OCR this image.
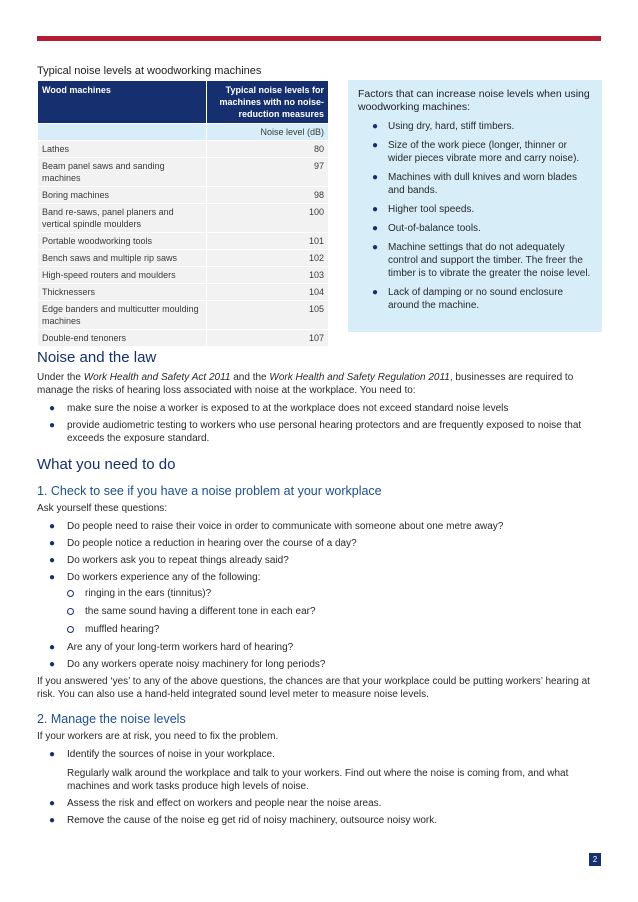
Typical noise levels at woodworking machines
Wood machines	Typical noise levels for machines with no noise-reduction measures
	Noise level (dB)
Lathes	80
Beam panel saws and sanding machines	97
Boring machines	98
Band re-saws, panel planers and vertical spindle moulders	100
Portable woodworking tools	101
Bench saws and multiple rip saws	102
High-speed routers and moulders	103
Thicknessers	104
Edge banders and multicutter moulding machines	105
Double-end tenoners	107
Factors that can increase noise levels when using woodworking machines:
● Using dry, hard, stiff timbers.
● Size of the work piece (longer, thinner or wider pieces vibrate more and carry noise).
● Machines with dull knives and worn blades and bands.
● Higher tool speeds.
● Out-of-balance tools.
● Machine settings that do not adequately control and support the timber. The freer the timber is to vibrate the greater the noise level.
● Lack of damping or no sound enclosure around the machine.
Noise and the law

Under the Work Health and Safety Act 2011 and the Work Health and Safety Regulation 2011, businesses are required to manage the risks of hearing loss associated with noise at the workplace. You need to:

● make sure the noise a worker is exposed to at the workplace does not exceed standard noise levels
● provide audiometric testing to workers who use personal hearing protectors and are frequently exposed to noise that exceeds the exposure standard.
What you need to do
1. Check to see if you have a noise problem at your workplace

Ask yourself these questions:

● Do people need to raise their voice in order to communicate with someone about one metre away?
● Do people notice a reduction in hearing over the course of a day?
● Do workers ask you to repeat things already said?
● Do workers experience any of the following:
ringing in the ears (tinnitus)?
the same sound having a different tone in each ear?
muffled hearing?
● Are any of your long-term workers hard of hearing?
● Do any workers operate noisy machinery for long periods?

If you answered ‘yes’ to any of the above questions, the chances are that your workplace could be putting workers’ hearing at risk. You can also use a hand-held integrated sound level meter to measure noise levels.

2. Manage the noise levels

If your workers are at risk, you need to fix the problem.

● Identify the sources of noise in your workplace.
Regularly walk around the workplace and talk to your workers. Find out where the noise is coming from, and what machines and work tasks produce high levels of noise.
● Assess the risk and effect on workers and people near the noise areas.
● Remove the cause of the noise eg get rid of noisy machinery, outsource noisy work.
2
